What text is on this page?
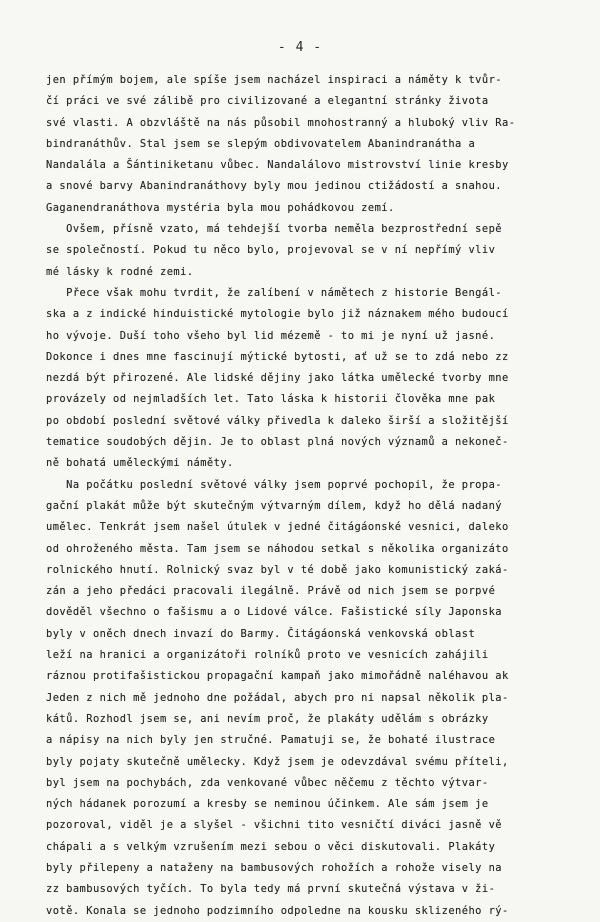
- 4 -
jen přímým bojem, ale spíše jsem nacházel inspiraci a náměty k tvůr-
čí práci ve své zálibě pro civilizované a elegantní stránky života
své vlasti. A obzvláště na nás působil mnohostranný a hluboký vliv Ra-
bindranáthův. Stal jsem se slepým obdivovatelem Abanindranátha a
Nandalála a Šántiniketanu vůbec. Nandalálovo mistrovství linie kresby
a snové barvy Abanindranáthovy byly mou jedinou ctižádostí a snahou.
Gaganendranáthova mystéria byla mou pohádkovou zemí.
Ovšem, přísně vzato, má tehdejší tvorba neměla bezprostřední sepě
se společností. Pokud tu něco bylo, projevoval se v ní nepřímý vliv
mé lásky k rodné zemi.
Přece však mohu tvrdit, že zalíbení v námětech z historie Bengál-
ska a z indické hinduistické mytologie bylo již náznakem mého budoucí
ho vývoje. Duší toho všeho byl lid mézemě - to mi je nyní už jasné.
Dokonce i dnes mne fascinují mýtické bytosti, ať už se to zdá nebo zz
nezdá být přirozené. Ale lidské dějiny jako látka umělecké tvorby mne
provázely od nejmladších let. Tato láska k historii člověka mne pak
po období poslední světové války přivedla k daleko širší a složitější
tematice soudobých dějin. Je to oblast plná nových významů a nekoneč-
ně bohatá uměleckými náměty.
Na počátku poslední světové války jsem poprvé pochopil, že propa-
gační plakát může být skutečným výtvarným dílem, když ho dělá nadaný
umělec. Tenkrát jsem našel útulek v jedné čitágáonské vesnici, daleko
od ohroženého města. Tam jsem se náhodou setkal s několika organizáto
rolnického hnutí. Rolnický svaz byl v té době jako komunistický zaká-
zán a jeho předáci pracovali ilegálně. Právě od nich jsem se porpvé
dověděl všechno o fašismu a o Lidové válce. Fašistické síly Japonska
byly v oněch dnech invazí do Barmy. Čitágáonská venkovská oblast
leží na hranici a organizátoři rolníků proto ve vesnicích zahájili
ráznou protifašistickou propagační kampaň jako mimořádně naléhavou ak
Jeden z nich mě jednoho dne požádal, abych pro ni napsal několik pla-
kátů. Rozhodl jsem se, ani nevím proč, že plakáty udělám s obrázky
a nápisy na nich byly jen stručné. Pamatuji se, že bohaté ilustrace
byly pojaty skutečně umělecky. Když jsem je odevzdával svému příteli,
byl jsem na pochybách, zda venkované vůbec něčemu z těchto výtvar-
ných hádanek porozumí a kresby se neminou účinkem. Ale sám jsem je
pozoroval, viděl je a slyšel - všichni tito vesničtí diváci jasně vě
chápali a s velkým vzrušením mezi sebou o věci diskutovali. Plakáty
byly přilepeny a nataženy na bambusových rohožích a rohože visely na
zz bambusových tyčích. To byla tedy má první skutečná výstava v ži-
votě. Konala se jednoho podzimního odpoledne na kousku sklizeného rý-
